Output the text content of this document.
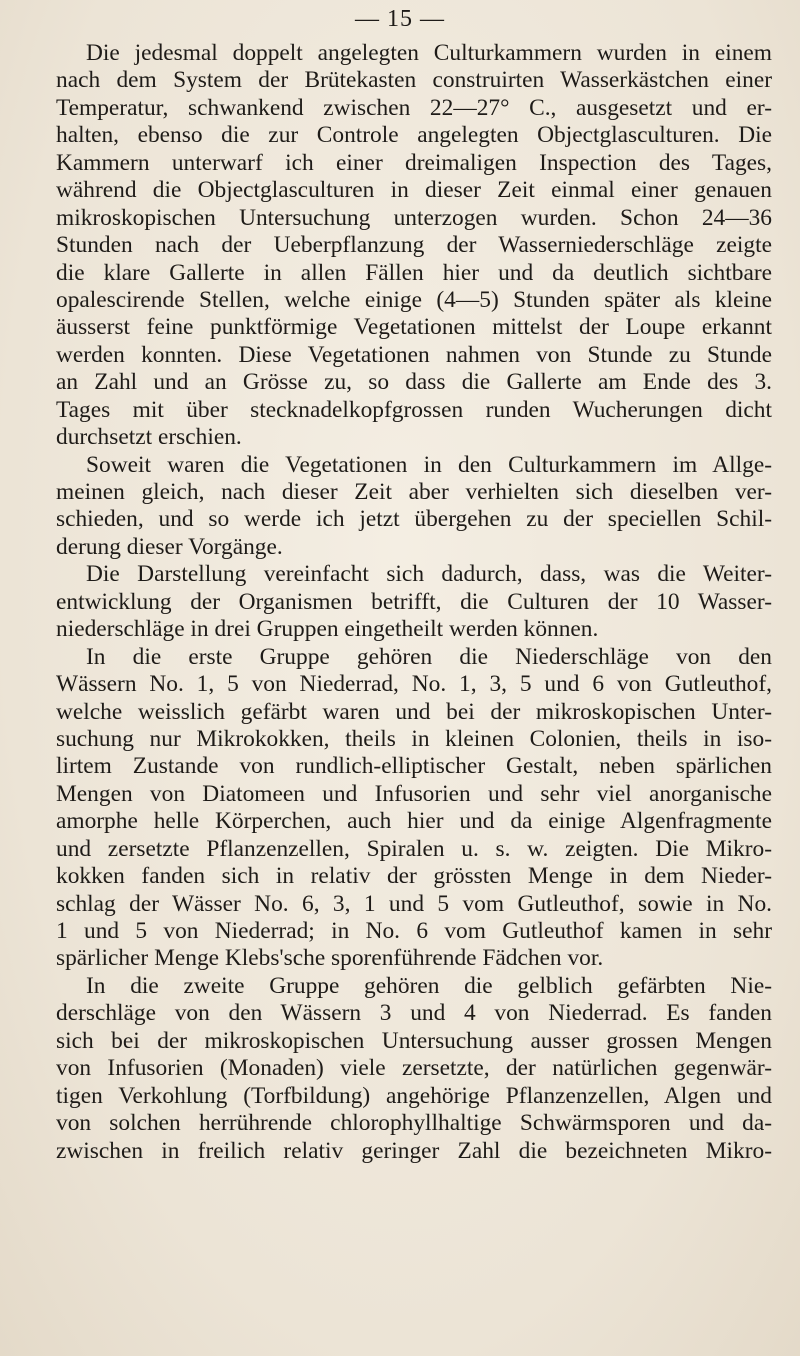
— 15 —
Die jedesmal doppelt angelegten Culturkammern wurden in einem
nach dem System der Brütekasten construirten Wasserkästchen einer
Temperatur, schwankend zwischen 22—27° C., ausgesetzt und er-
halten, ebenso die zur Controle angelegten Objectglasculturen. Die
Kammern unterwarf ich einer dreimaligen Inspection des Tages,
während die Objectglasculturen in dieser Zeit einmal einer genauen
mikroskopischen Untersuchung unterzogen wurden. Schon 24—36
Stunden nach der Ueberpflanzung der Wasserniederschläge zeigte
die klare Gallerte in allen Fällen hier und da deutlich sichtbare
opalescirende Stellen, welche einige (4—5) Stunden später als kleine
äusserst feine punktförmige Vegetationen mittelst der Loupe erkannt
werden konnten. Diese Vegetationen nahmen von Stunde zu Stunde
an Zahl und an Grösse zu, so dass die Gallerte am Ende des 3.
Tages mit über stecknadelkopfgrossen runden Wucherungen dicht
durchsetzt erschien.
Soweit waren die Vegetationen in den Culturkammern im Allge-
meinen gleich, nach dieser Zeit aber verhielten sich dieselben ver-
schieden, und so werde ich jetzt übergehen zu der speciellen Schil-
derung dieser Vorgänge.
Die Darstellung vereinfacht sich dadurch, dass, was die Weiter-
entwicklung der Organismen betrifft, die Culturen der 10 Wasser-
niederschläge in drei Gruppen eingetheilt werden können.
In die erste Gruppe gehören die Niederschläge von den
Wässern No. 1, 5 von Niederrad, No. 1, 3, 5 und 6 von Gutleuthof,
welche weisslich gefärbt waren und bei der mikroskopischen Unter-
suchung nur Mikrokokken, theils in kleinen Colonien, theils in iso-
lirtem Zustande von rundlich-elliptischer Gestalt, neben spärlichen
Mengen von Diatomeen und Infusorien und sehr viel anorganische
amorphe helle Körperchen, auch hier und da einige Algenfragmente
und zersetzte Pflanzenzellen, Spiralen u. s. w. zeigten. Die Mikro-
kokken fanden sich in relativ der grössten Menge in dem Nieder-
schlag der Wässer No. 6, 3, 1 und 5 vom Gutleuthof, sowie in No.
1 und 5 von Niederrad; in No. 6 vom Gutleuthof kamen in sehr
spärlicher Menge Klebs'sche sporenführende Fädchen vor.
In die zweite Gruppe gehören die gelblich gefärbten Nie-
derschläge von den Wässern 3 und 4 von Niederrad. Es fanden
sich bei der mikroskopischen Untersuchung ausser grossen Mengen
von Infusorien (Monaden) viele zersetzte, der natürlichen gegenwär-
tigen Verkohlung (Torfbildung) angehörige Pflanzenzellen, Algen und
von solchen herrührende chlorophyllhaltige Schwärmsporen und da-
zwischen in freilich relativ geringer Zahl die bezeichneten Mikro-
